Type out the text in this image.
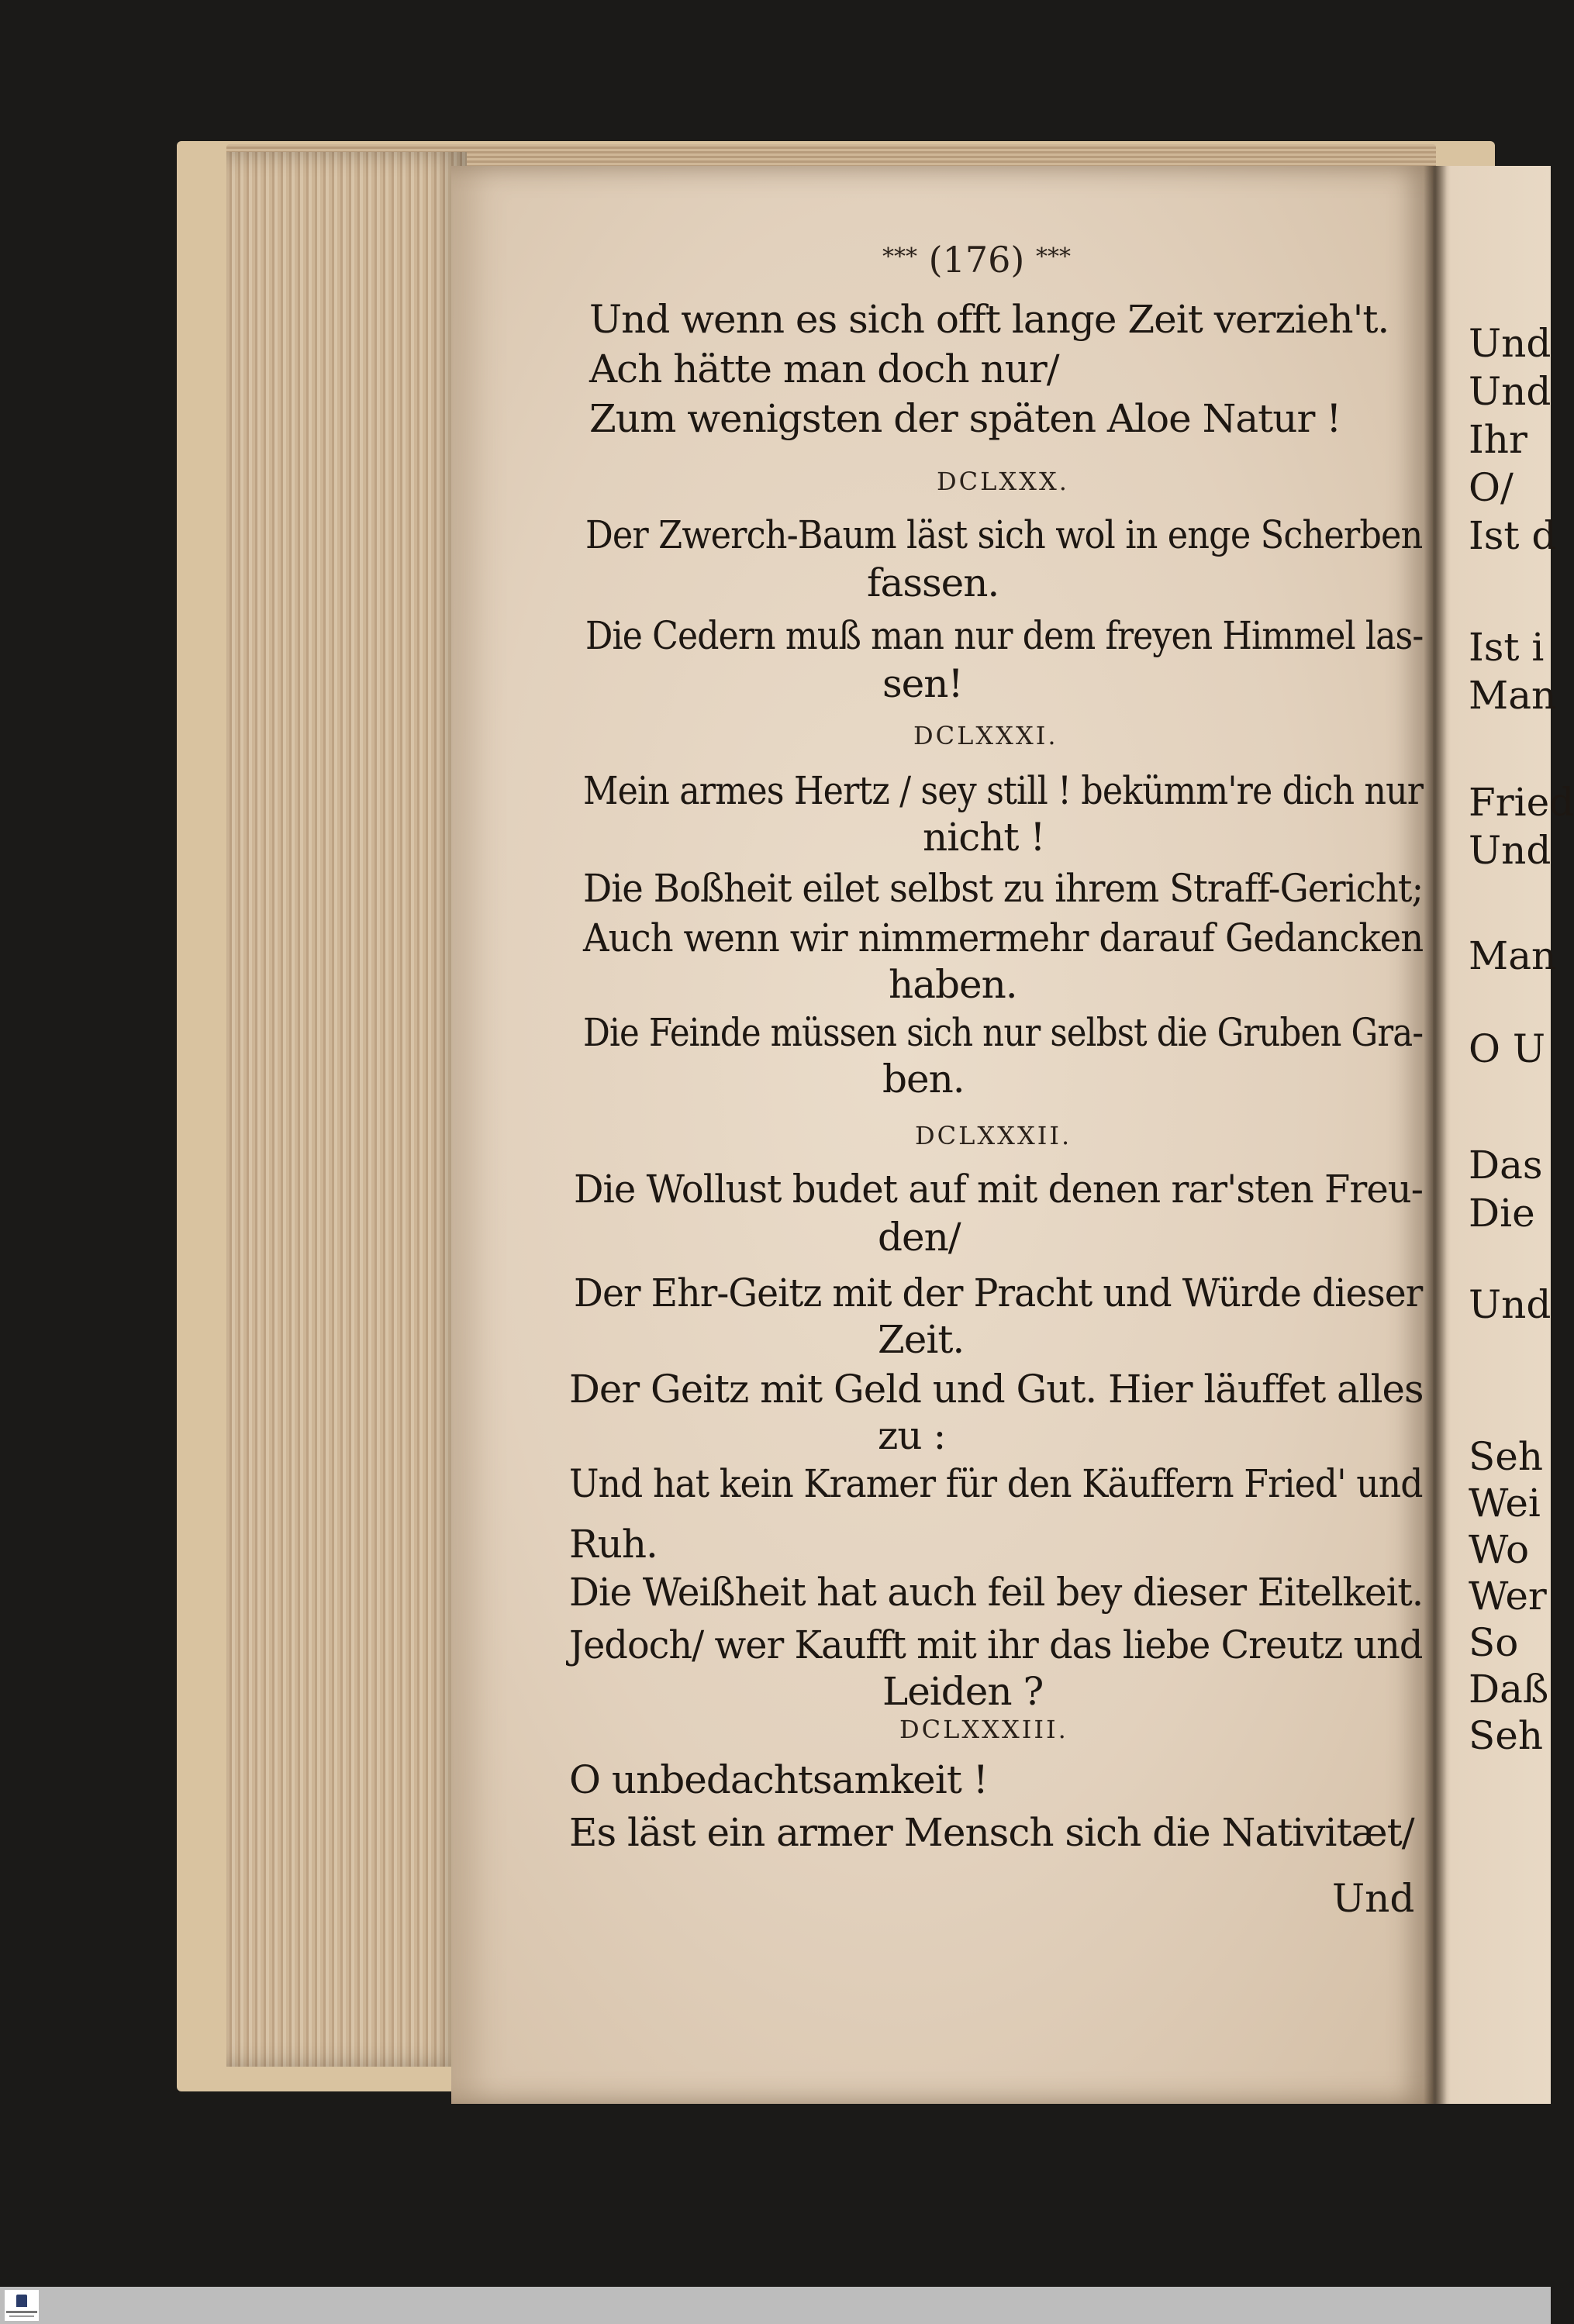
Und
Und
Ihr
O/
Ist d
Ist i
Man
Fried
Und
Man
O U
Das
Die
Und
Seh
Wei
Wo
Wer
So
Daß
Seh
*** (176) ***
Und wenn es sich offt lange Zeit verzieh't.
Ach hätte man doch nur/
Zum wenigsten der späten Aloe Natur !
DCLXXX.
Der Zwerch-Baum läst sich wol in enge Scherben
fassen.
Die Cedern muß man nur dem freyen Himmel las-
sen!
DCLXXXI.
Mein armes Hertz / sey still ! bekümm're dich nur
nicht !
Die Boßheit eilet selbst zu ihrem Straff-Gericht;
Auch wenn wir nimmermehr darauf Gedancken
haben.
Die Feinde müssen sich nur selbst die Gruben Gra-
ben.
DCLXXXII.
Die Wollust budet auf mit denen rar'sten Freu-
den/
Der Ehr-Geitz mit der Pracht und Würde dieser
Zeit.
Der Geitz mit Geld und Gut. Hier läuffet alles
zu :
Und hat kein Kramer für den Käuffern Fried' und
Ruh.
Die Weißheit hat auch feil bey dieser Eitelkeit.
Jedoch/ wer Kaufft mit ihr das liebe Creutz und
Leiden ?
DCLXXXIII.
O unbedachtsamkeit !
Es läst ein armer Mensch sich die Nativitæt/
Und
